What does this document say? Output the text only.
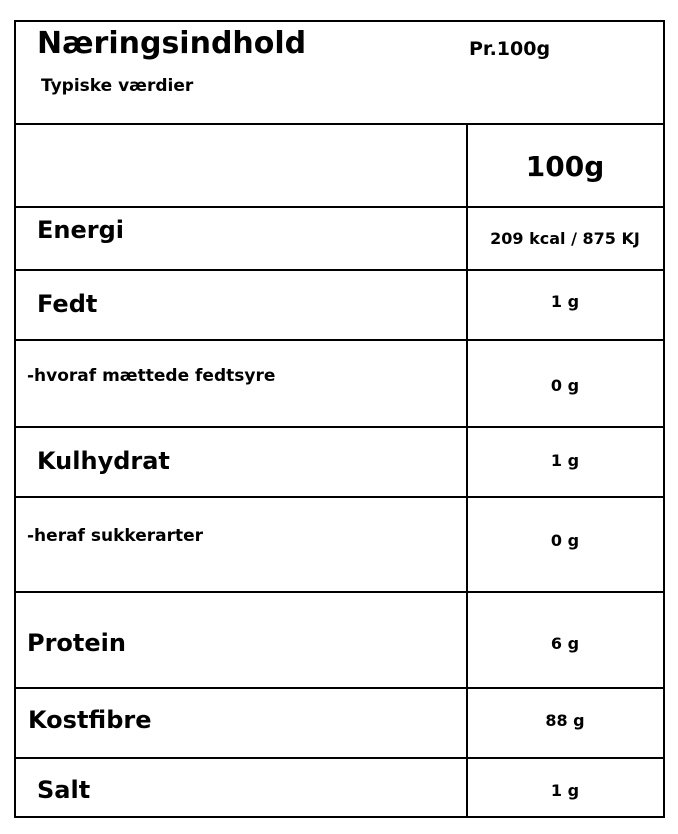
Næringsindhold	Pr.100g
Typiske værdier
100g
Energi
Fedt
-hvoraf mættede fedtsyre
Kulhydrat
-heraf sukkerarter
Protein
Kostfibre
Salt
209 kcal / 875 KJ
1 g
0 g
1 g
0 g
6 g
88 g
1 g
